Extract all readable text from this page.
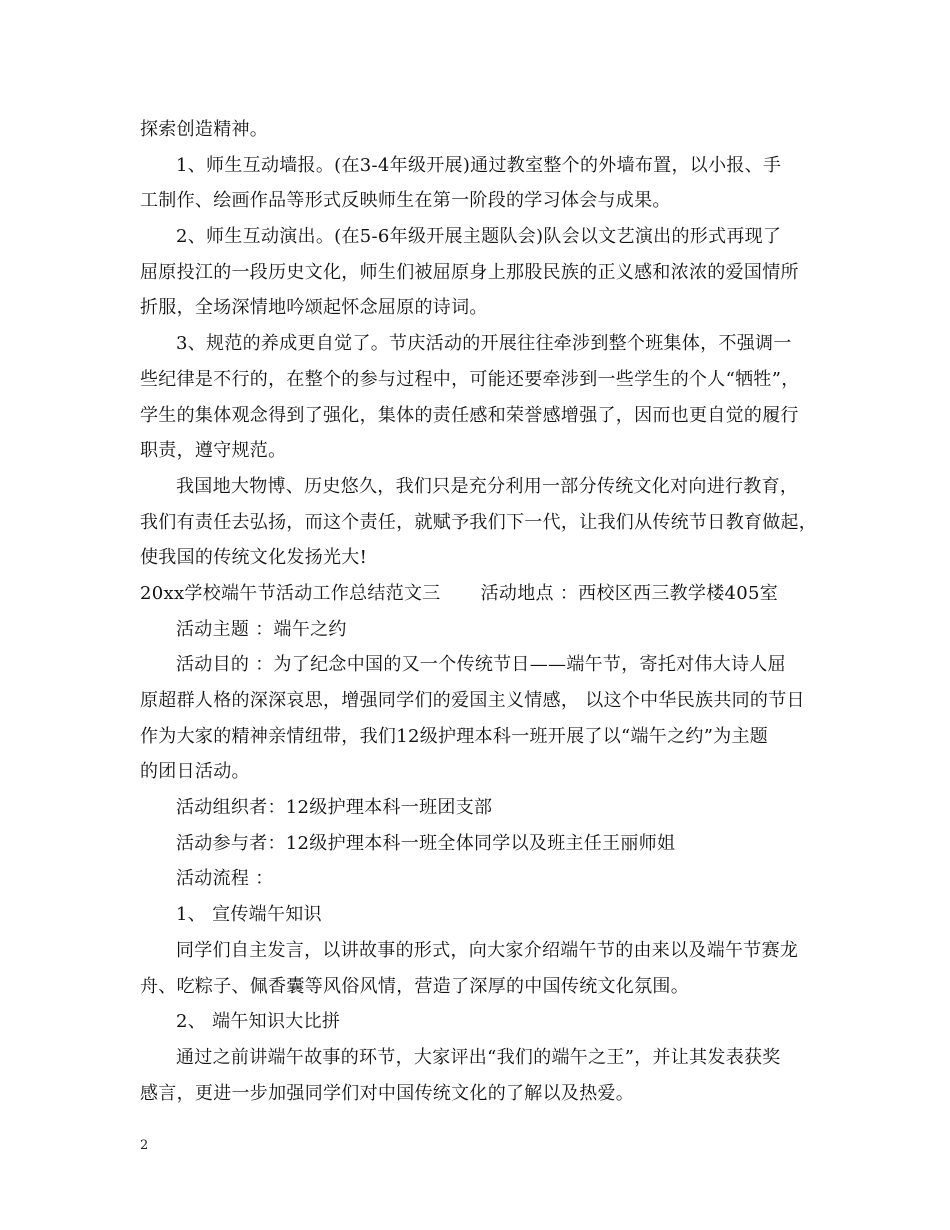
探索创造精神。
1、师生互动墙报。(在3-4年级开展)通过教室整个的外墙布置，以小报、手
工制作、绘画作品等形式反映师生在第一阶段的学习体会与成果。
2、师生互动演出。(在5-6年级开展主题队会)队会以文艺演出的形式再现了
屈原投江的一段历史文化，师生们被屈原身上那股民族的正义感和浓浓的爱国情所
折服，全场深情地吟颂起怀念屈原的诗词。
3、规范的养成更自觉了。节庆活动的开展往往牵涉到整个班集体，不强调一
些纪律是不行的，在整个的参与过程中，可能还要牵涉到一些学生的个人“牺牲”，
学生的集体观念得到了强化，集体的责任感和荣誉感增强了，因而也更自觉的履行
职责，遵守规范。
我国地大物博、历史悠久，我们只是充分利用一部分传统文化对向进行教育，
我们有责任去弘扬，而这个责任，就赋予我们下一代，让我们从传统节日教育做起，
使我国的传统文化发扬光大!
20xx学校端午节活动工作总结范文三 活动地点 ：西校区西三教学楼405室
活动主题 ：端午之约
活动目的 ：为了纪念中国的又一个传统节日——端午节，寄托对伟大诗人屈
原超群人格的深深哀思，增强同学们的爱国主义情感， 以这个中华民族共同的节日
作为大家的精神亲情纽带，我们12级护理本科一班开展了以“端午之约”为主题
的团日活动。
活动组织者：12级护理本科一班团支部
活动参与者：12级护理本科一班全体同学以及班主任王丽师姐
活动流程 ：
1、 宣传端午知识
同学们自主发言，以讲故事的形式，向大家介绍端午节的由来以及端午节赛龙
舟、吃粽子、佩香囊等风俗风情，营造了深厚的中国传统文化氛围。
2、 端午知识大比拼
通过之前讲端午故事的环节，大家评出“我们的端午之王”，并让其发表获奖
感言，更进一步加强同学们对中国传统文化的了解以及热爱。
2
